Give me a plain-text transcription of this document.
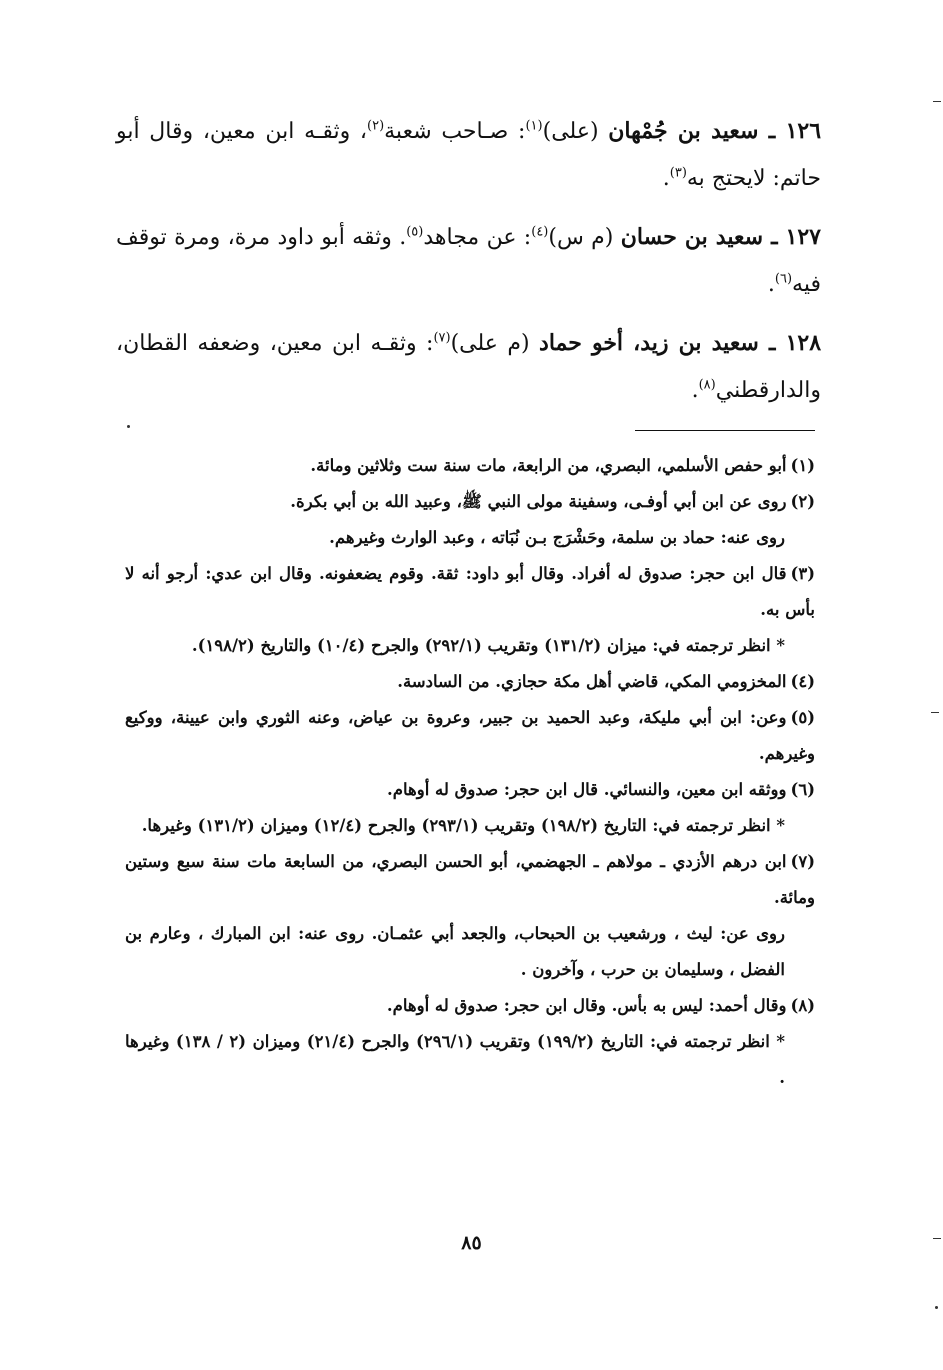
١٢٦ ـ سعيد بن جُمْهان (على)$^{(١)}$: صـاحب شعبة$^{(٢)}$، وثقـه ابن معين، وقال أبو حاتم: لايحتج به$^{(٣)}$.

١٢٧ ـ سعيد بن حسان (م س)$^{(٤)}$: عن مجاهد$^{(٥)}$. وثقه أبو داود مرة، ومرة توقف فيه$^{(٦)}$.

١٢٨ ـ سعيد بن زيد، أخو حماد (م على)$^{(٧)}$: وثقـه ابن معين، وضعفه القطان، والدارقطني$^{(٨)}$.

(١)أبو حفص الأسلمي، البصري، من الرابعة، مات سنة ست وثلاثين ومائة.
(٢)روى عن ابن أبي أوفـى، وسفينة مولى النبي ﷺ، وعبيد الله بن أبي بكرة.
روى عنه: حماد بن سلمة، وحَشْرَج بـن نُبَاته ، وعبد الوارث وغيرهم.
(٣)قال ابن حجر: صدوق له أفراد. وقال أبو داود: ثقة. وقوم يضعفونه. وقال ابن عدي: أرجو أنه لا بأس به.
* انظر ترجمته في: ميزان (١٣١/٢) وتقريب (٢٩٢/١) والجرح (١٠/٤) والتاريخ (١٩٨/٢).
(٤)المخزومي المكي، قاضي أهل مكة حجازي. من السادسة.
(٥)وعن: ابن أبي مليكة، وعبد الحميد بن جبير، وعروة بن عياض، وعنه الثوري وابن عيينة، ووكيع وغيرهم.
(٦)ووثقه ابن معين، والنسائي. قال ابن حجر: صدوق له أوهام.
* انظر ترجمته في: التاريخ (١٩٨/٢) وتقريب (٢٩٣/١) والجرح (١٢/٤) وميزان (١٣١/٢) وغيرها.
(٧)ابن درهم الأزدي ـ مولاهم ـ الجهضمي، أبو الحسن البصري، من السابعة مات سنة سبع وستين ومائة.
روى عن: ليث ، ورشعيب بن الحبحاب، والجعد أبي عثمـان. روى عنه: ابن المبارك ، وعارم بن الفضل ، وسليمان بن حرب ، وآخرون .
(٨)وقال أحمد: ليس به بأس. وقال ابن حجر: صدوق له أوهام.
* انظر ترجمته في: التاريخ (١٩٩/٢) وتقريب (٢٩٦/١) والجرح (٢١/٤) وميزان (٢ / ١٣٨) وغيرها .
٨٥
